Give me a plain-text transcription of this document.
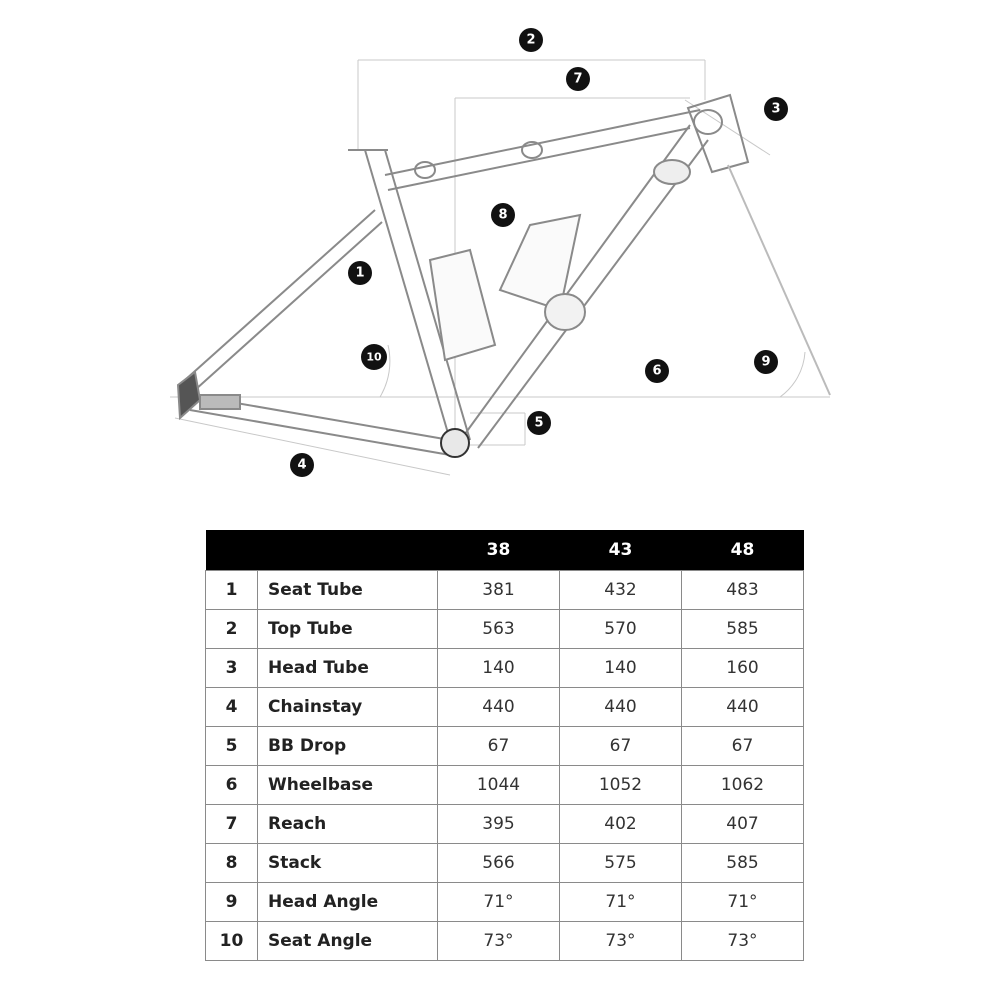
1
2
3
4
5
6
7
8
9
10
		38	43	48
1	Seat Tube	381	432	483
2	Top Tube	563	570	585
3	Head Tube	140	140	160
4	Chainstay	440	440	440
5	BB Drop	67	67	67
6	Wheelbase	1044	1052	1062
7	Reach	395	402	407
8	Stack	566	575	585
9	Head Angle	71°	71°	71°
10	Seat Angle	73°	73°	73°
